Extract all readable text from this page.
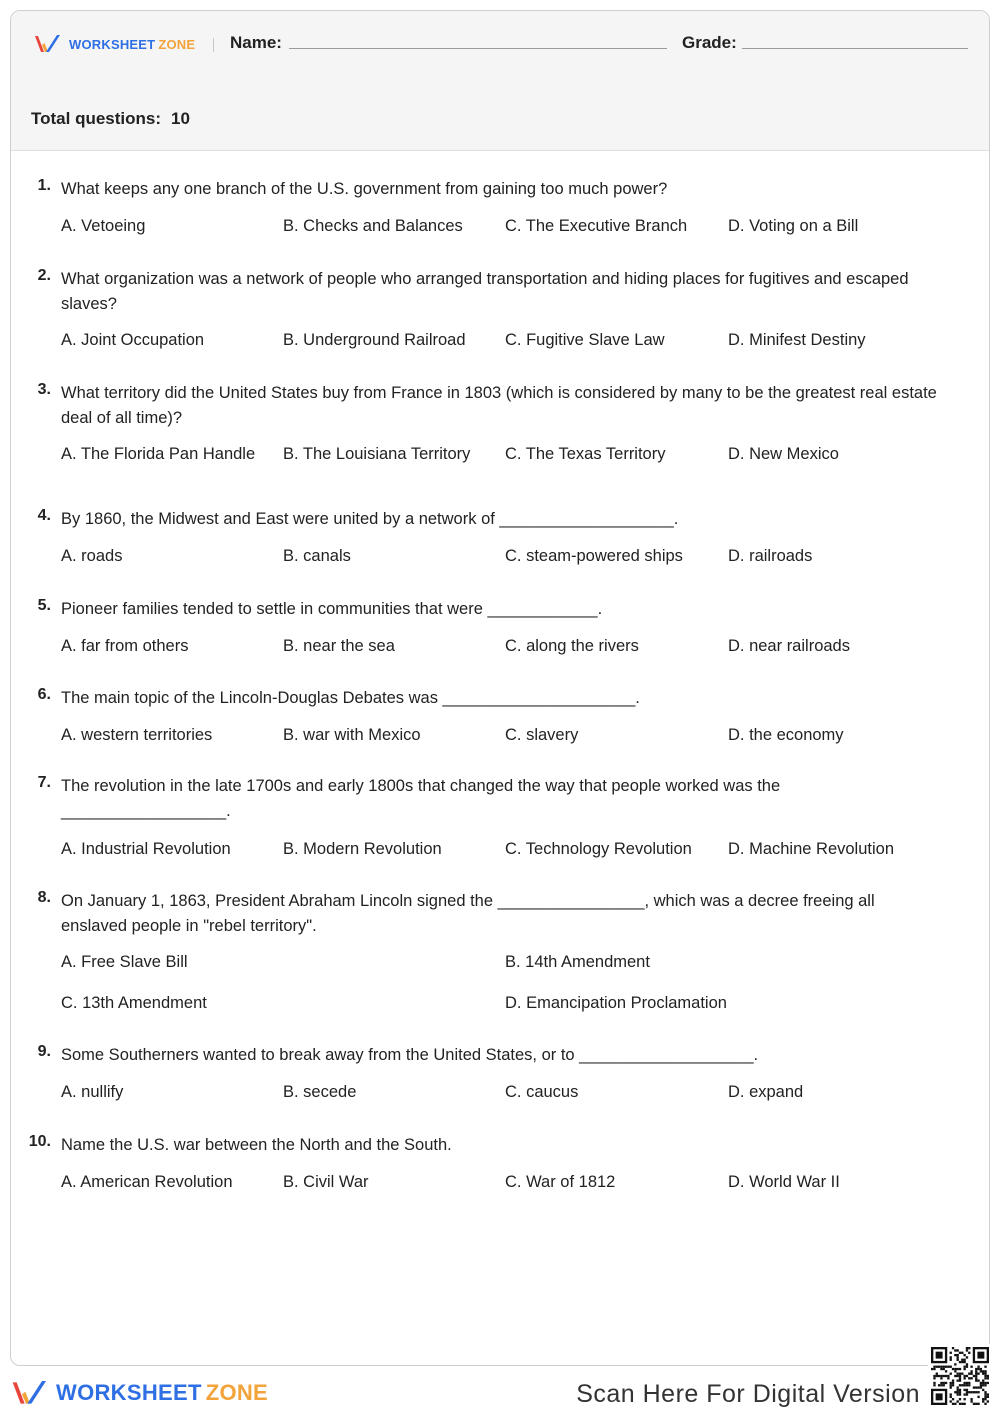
WORKSHEET ZONE Name:	Grade:
Total questions: 10
1. What keeps any one branch of the U.S. government from gaining too much power?
A. Vetoeing	B. Checks and Balances	C. The Executive Branch D. Voting on a Bill
2. What organization was a network of people who arranged transportation and hiding places for fugitives and escaped slaves?
A. Joint Occupation	B. Underground Railroad C. Fugitive Slave Law	D. Minifest Destiny
3. What territory did the United States buy from France in 1803 (which is considered by many to be the greatest real estate deal of all time)?
A. The Florida Pan Handle B. The Louisiana Territory C. The Texas Territory	D. New Mexico
4. By 1860, the Midwest and East were united by a network of ___________________.
A. roads	B. canals	C. steam-powered ships	D. railroads
5. Pioneer families tended to settle in communities that were ____________.
A. far from others	B. near the sea	C. along the rivers	D. near railroads
6. The main topic of the Lincoln-Douglas Debates was _____________________.
A. western territories	B. war with Mexico	C. slavery	D. the economy
7. The revolution in the late 1700s and early 1800s that changed the way that people worked was the __________________.
A. Industrial Revolution	B. Modern Revolution	C. Technology Revolution D. Machine Revolution
8. On January 1, 1863, President Abraham Lincoln signed the ________________, which was a decree freeing all enslaved people in "rebel territory".
A. Free Slave Bill	B. 14th Amendment
C. 13th Amendment	D. Emancipation Proclamation
9. Some Southerners wanted to break away from the United States, or to ___________________.
A. nullify	B. secede	C. caucus	D. expand
10. Name the U.S. war between the North and the South.
A. American Revolution	B. Civil War	C. War of 1812	D. World War II
WORKSHEET ZONE	Scan Here For Digital Version
